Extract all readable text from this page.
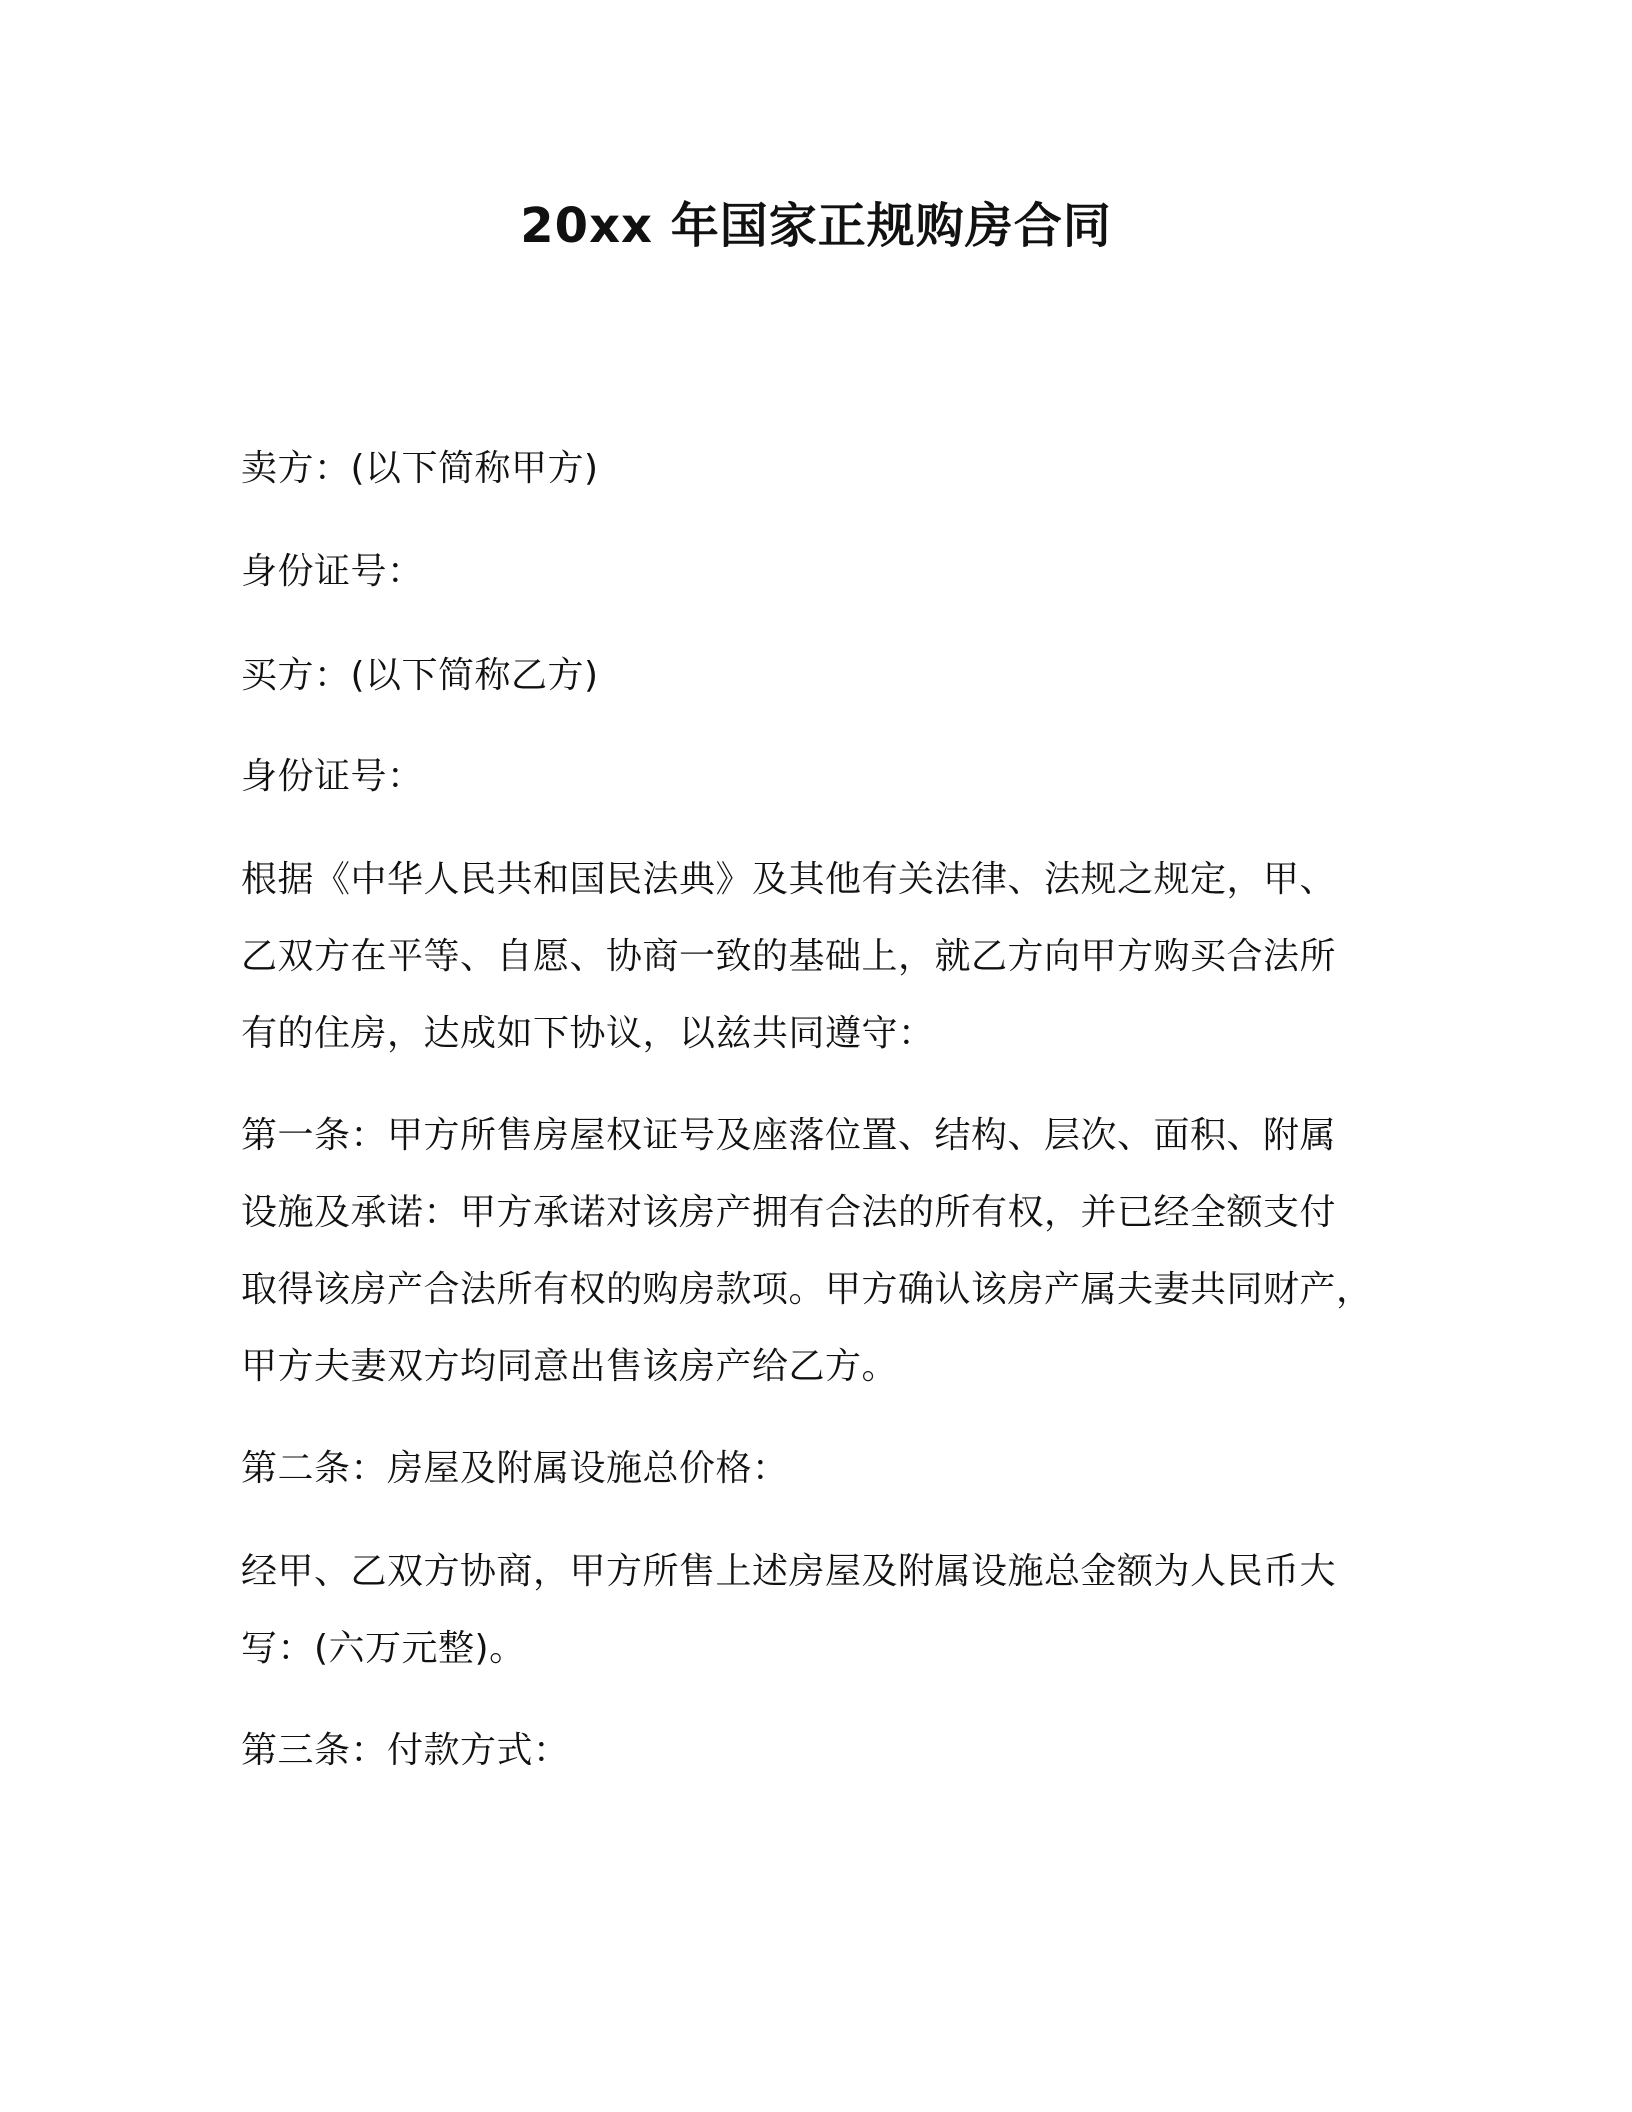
20xx 年国家正规购房合同
卖方：(以下简称甲方)
身份证号：
买方：(以下简称乙方)
身份证号：
根据《中华人民共和国民法典》及其他有关法律、法规之规定，甲、
乙双方在平等、自愿、协商一致的基础上，就乙方向甲方购买合法所
有的住房，达成如下协议，以兹共同遵守：
第一条：甲方所售房屋权证号及座落位置、结构、层次、面积、附属
设施及承诺：甲方承诺对该房产拥有合法的所有权，并已经全额支付
取得该房产合法所有权的购房款项。甲方确认该房产属夫妻共同财产，
甲方夫妻双方均同意出售该房产给乙方。
第二条：房屋及附属设施总价格：
经甲、乙双方协商，甲方所售上述房屋及附属设施总金额为人民币大
写：(六万元整)。
第三条：付款方式：
